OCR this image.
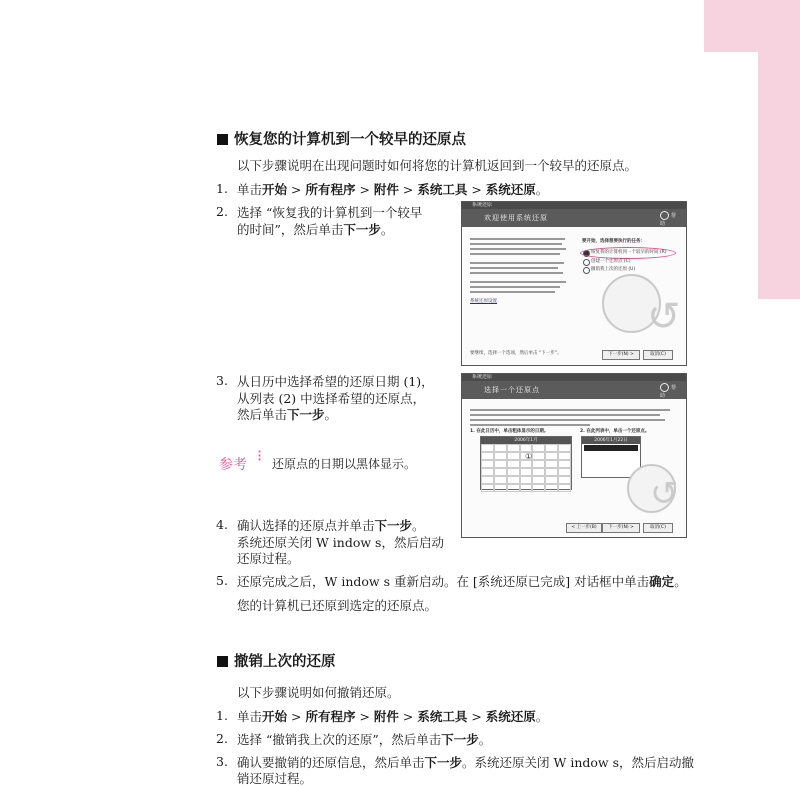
恢复您的计算机到一个较早的还原点
以下步骤说明在出现问题时如何将您的计算机返回到一个较早的还原点。
1. 单击开始 > 所有程序 > 附件 > 系统工具 > 系统还原。
2. 选择 “恢复我的计算机到一个较早
的时间”，然后单击下一步。
系统还原
欢迎使用系统还原	帮助
系统还原设置
要开始，选择想要执行的任务：
恢复我的计算机到一个较早的时间 (R)
创建一个还原点 (C)
撤销我上次的还原 (U)
↺
要继续，选择一个选项，然后单击 “下一步”。	下一步(N) >	取消(C)
3. 从日历中选择希望的还原日期 (1)，
从列表 (2) 中选择希望的还原点，
然后单击下一步。
参考 ⁝ 还原点的日期以黑体显示。
系统还原
选择一个还原点	帮助
1. 在此日历中，单击粗体显示的日期。	2. 在此列表中，单击一个还原点。
2006年1月
①
2006年1月22日
↺
< 上一步(B)	下一步(N) >	取消(C)
4. 确认选择的还原点并单击下一步。
系统还原关闭 W indow s，然后启动
还原过程。
5. 还原完成之后，W indow s 重新启动。在 [系统还原已完成] 对话框中单击确定。
您的计算机已还原到选定的还原点。
撤销上次的还原
以下步骤说明如何撤销还原。
1. 单击开始 > 所有程序 > 附件 > 系统工具 > 系统还原。
2. 选择 “撤销我上次的还原”，然后单击下一步。
3. 确认要撤销的还原信息，然后单击下一步。系统还原关闭 W indow s，然后启动撤
销还原过程。
